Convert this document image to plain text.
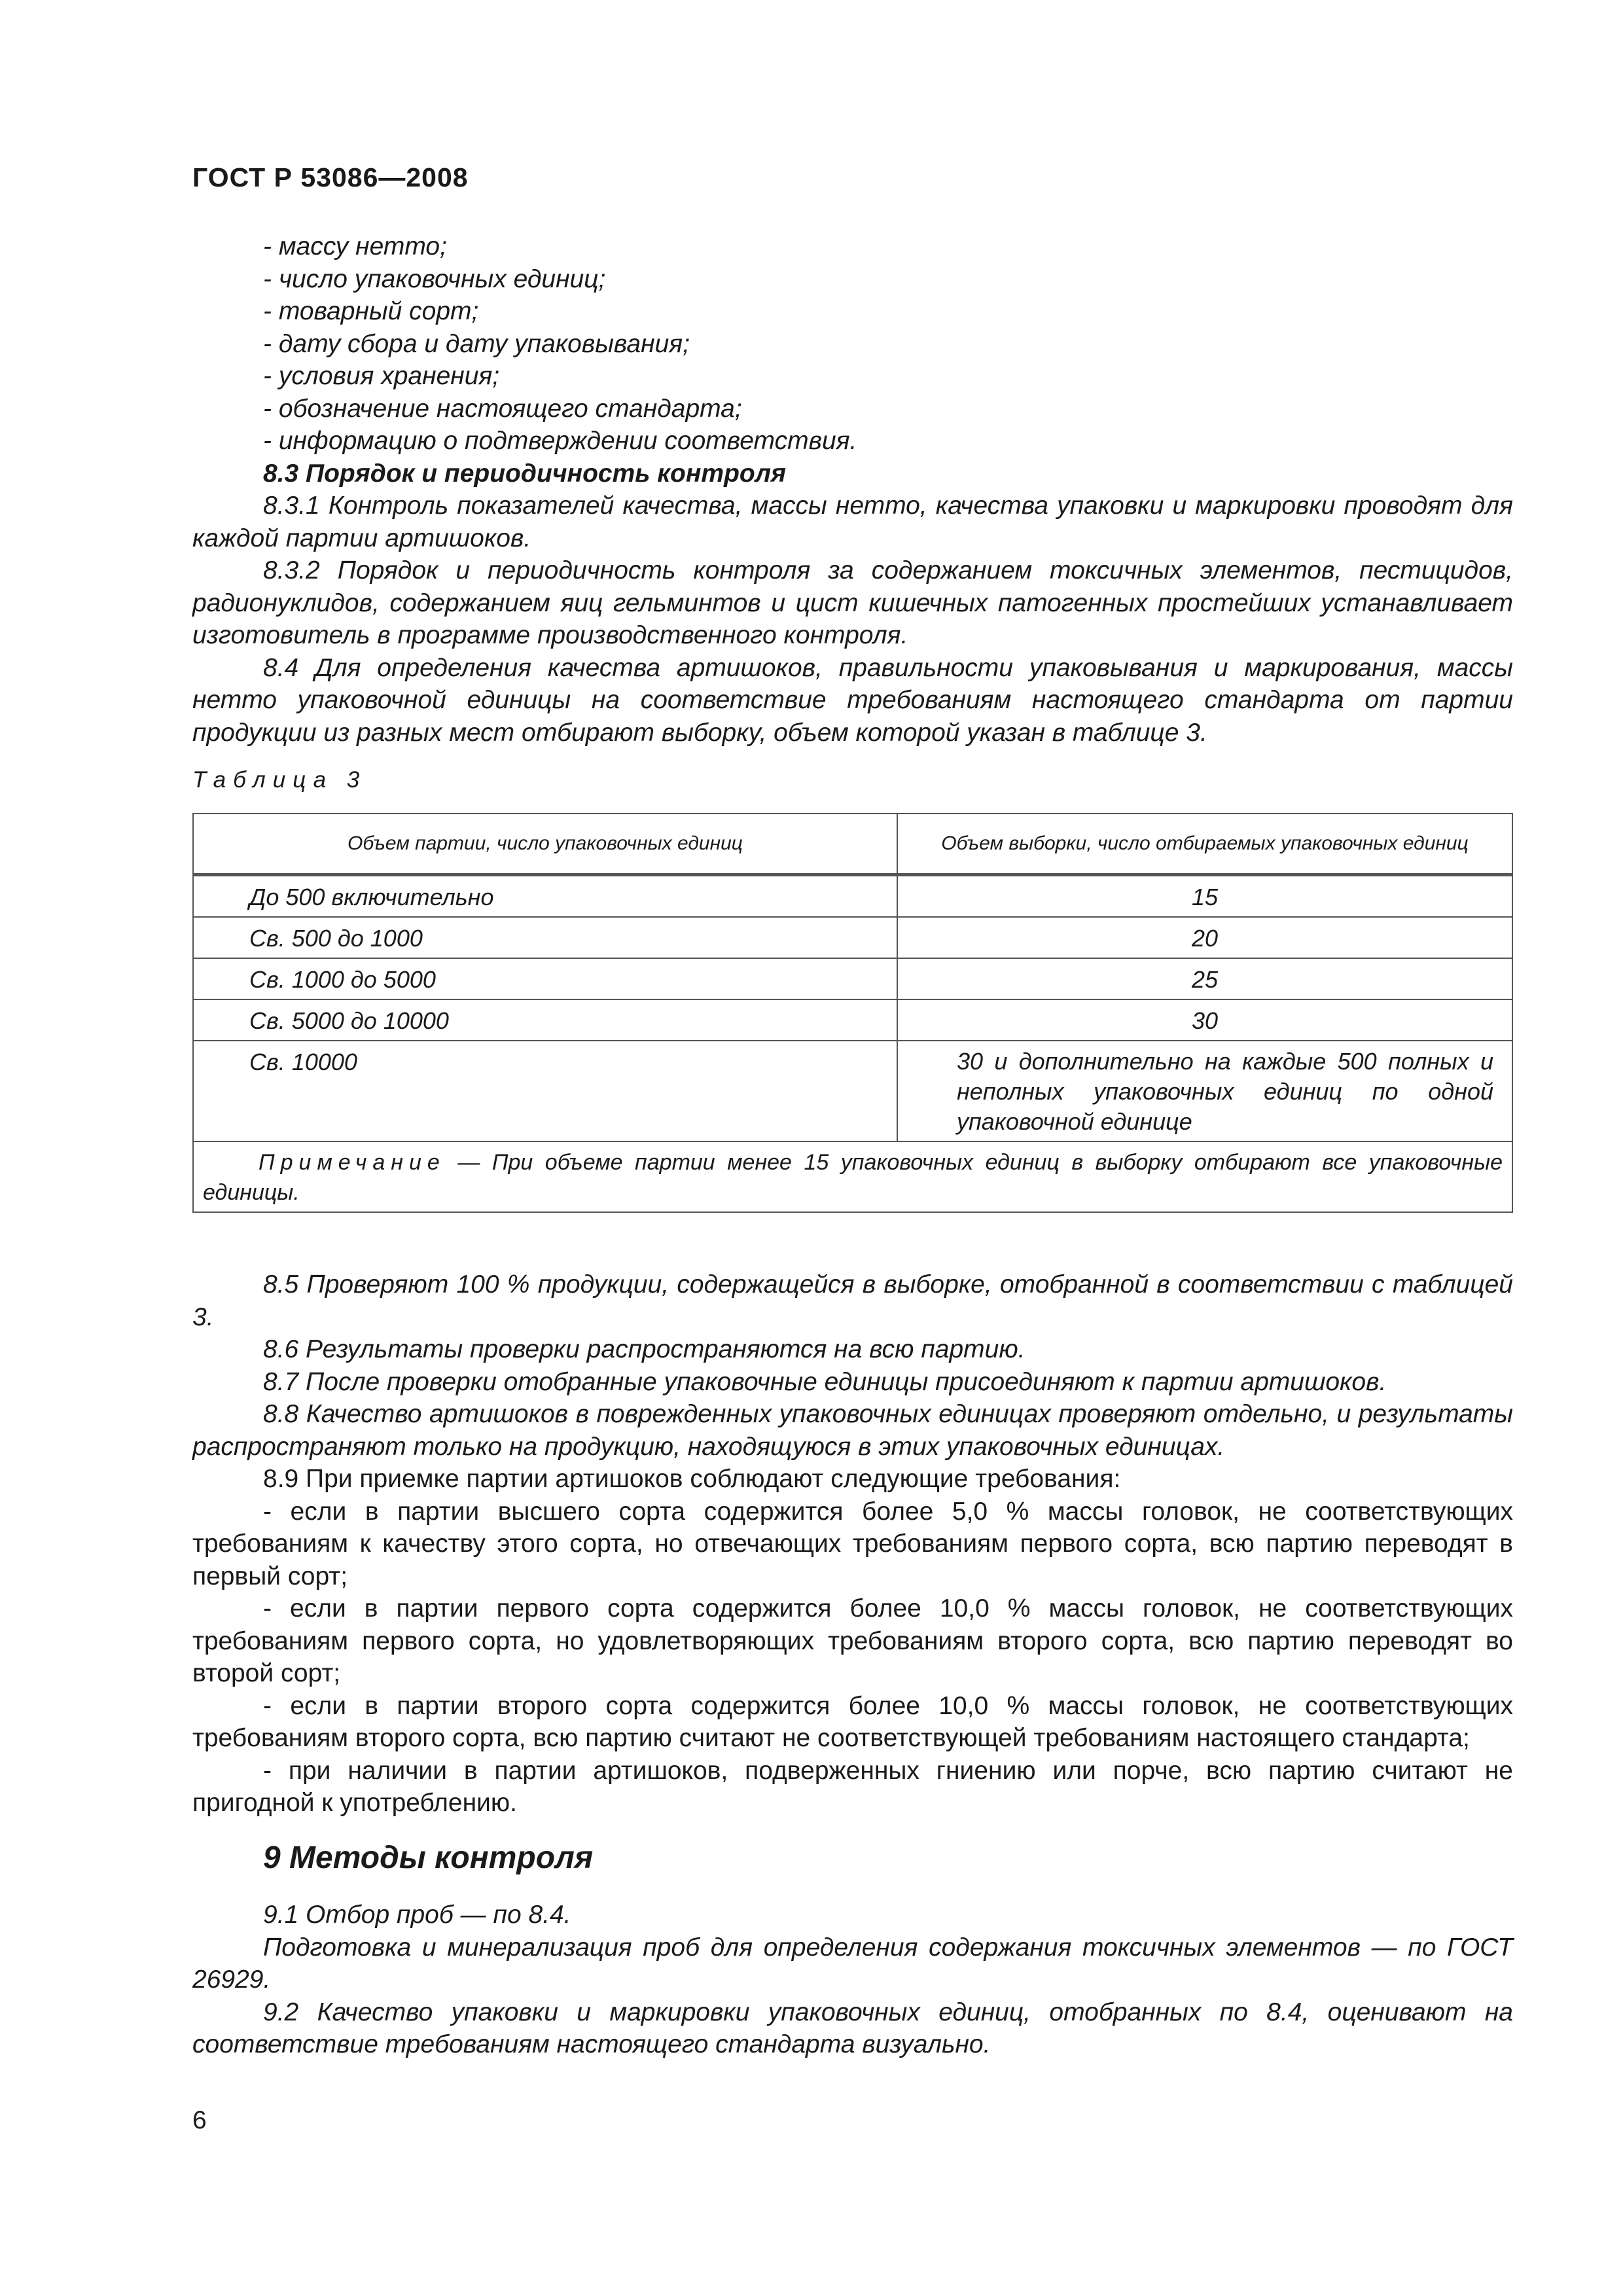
ГОСТ Р 53086—2008

- массу нетто;

- число упаковочных единиц;

- товарный сорт;

- дату сбора и дату упаковывания;

- условия хранения;

- обозначение настоящего стандарта;

- информацию о подтверждении соответствия.

8.3 Порядок и периодичность контроля

8.3.1 Контроль показателей качества, массы нетто, качества упаковки и маркировки проводят для каждой партии артишоков.

8.3.2 Порядок и периодичность контроля за содержанием токсичных элементов, пестицидов, радионуклидов, содержанием яиц гельминтов и цист кишечных патогенных простейших устанавливает изготовитель в программе производственного контроля.

8.4 Для определения качества артишоков, правильности упаковывания и маркирования, массы нетто упаковочной единицы на соответствие требованиям настоящего стандарта от партии продукции из разных мест отбирают выборку, объем которой указан в таблице 3.

Таблица 3
Объем партии, число упаковочных единиц	Объем выборки, число отбираемых упаковочных единиц
До 500 включительно	15
Св. 500 до 1000	20
Св. 1000 до 5000	25
Св. 5000 до 10000	30
Св. 10000	30 и дополнительно на каждые 500 полных и неполных упаковочных единиц по одной упаковочной единице
Примечание — При объеме партии менее 15 упаковочных единиц в выборку отбирают все упаковочные единицы.	

8.5 Проверяют 100 % продукции, содержащейся в выборке, отобранной в соответствии с таблицей 3.

8.6 Результаты проверки распространяются на всю партию.

8.7 После проверки отобранные упаковочные единицы присоединяют к партии артишоков.

8.8 Качество артишоков в поврежденных упаковочных единицах проверяют отдельно, и результаты распространяют только на продукцию, находящуюся в этих упаковочных единицах.

8.9 При приемке партии артишоков соблюдают следующие требования:

- если в партии высшего сорта содержится более 5,0 % массы головок, не соответствующих требованиям к качеству этого сорта, но отвечающих требованиям первого сорта, всю партию переводят в первый сорт;

- если в партии первого сорта содержится более 10,0 % массы головок, не соответствующих требованиям первого сорта, но удовлетворяющих требованиям второго сорта, всю партию переводят во второй сорт;

- если в партии второго сорта содержится более 10,0 % массы головок, не соответствующих требованиям второго сорта, всю партию считают не соответствующей требованиям настоящего стандарта;

- при наличии в партии артишоков, подверженных гниению или порче, всю партию считают не пригодной к употреблению.

9 Методы контроля

9.1 Отбор проб — по 8.4.

Подготовка и минерализация проб для определения содержания токсичных элементов — по ГОСТ 26929.

9.2 Качество упаковки и маркировки упаковочных единиц, отобранных по 8.4, оценивают на соответствие требованиям настоящего стандарта визуально.

6
